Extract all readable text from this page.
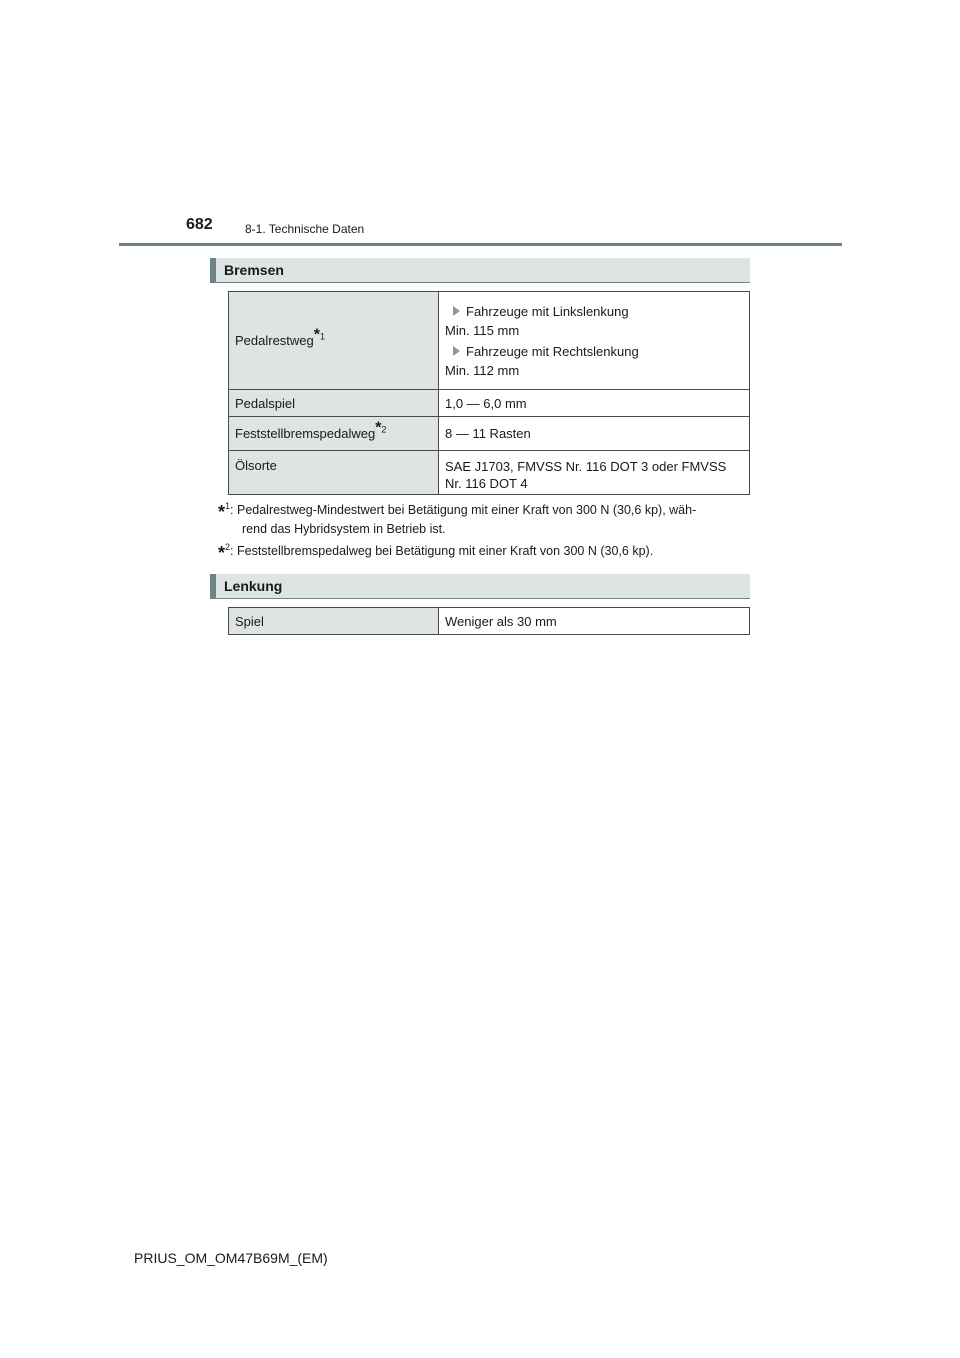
682	8-1. Technische Daten
Bremsen
Pedalrestweg*$^1$	Fahrzeuge mit Linkslenkung
Min. 115 mm
Fahrzeuge mit Rechtslenkung
Min. 112 mm

Pedalspiel	1,0 — 6,0 mm
Feststellbremspedalweg*$^2$	8 — 11 Rasten
Ölsorte	SAE J1703, FMVSS Nr. 116 DOT 3 oder FMVSS
Nr. 116 DOT 4
*$^1$: Pedalrestweg-Mindestwert bei Betätigung mit einer Kraft von 300 N (30,6 kp), wäh-
rend das Hybridsystem in Betrieb ist.
*$^2$: Feststellbremspedalweg bei Betätigung mit einer Kraft von 300 N (30,6 kp).
Lenkung
Spiel	Weniger als 30 mm
PRIUS_OM_OM47B69M_(EM)
